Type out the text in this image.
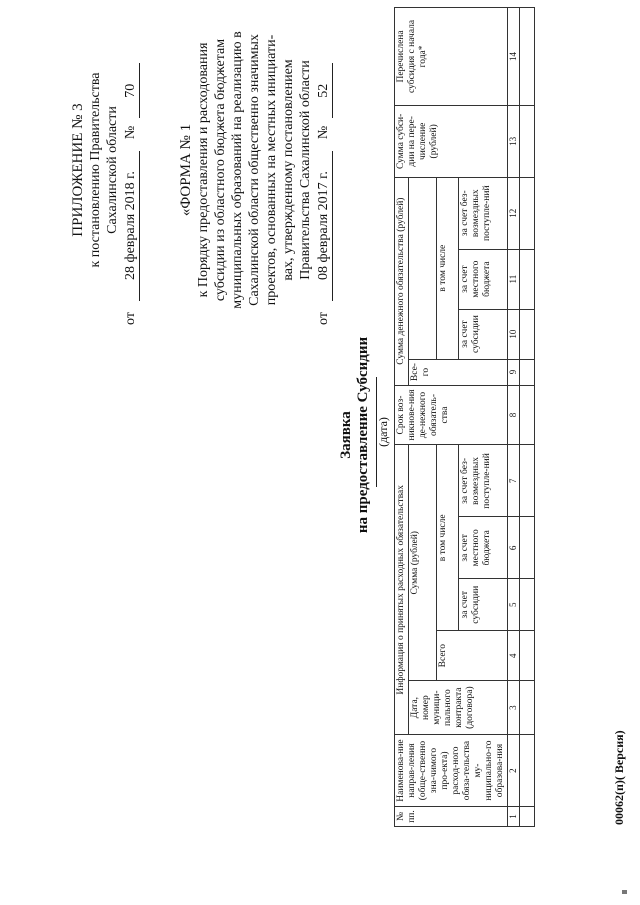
ПРИЛОЖЕНИЕ № 3 к постановлению Правительства Сахалинской области
от 28 февраля 2018 г. № 70
«ФОРМА № 1 к Порядку предоставления и расходования субсидии из областного бюджета бюджетам муниципальных образований на реализацию в Сахалинской области общественно значимых проектов, основанных на местных инициати- вах, утвержденному постановлением Правительства Сахалинской области
от 08 февраля 2017 г. № 52
Заявка на предоставление Субсидии (дата)
№ пп.	Наименова-ние направ-ления (обще-ственно зна-чимого про-екта) расход-ного обяза-тельства му-ниципально-го образова-ния	Информация о принятых расходных обязательствах					Срок воз-никнове-ния де-нежного обязатель-ства	Сумма денежного обязательства (рублей)				Сумма субси-дии на пере-числение (рублей)	Перечислена субсидия с начала года*
		Дата, номер муници-пального контракта (договора)	Сумма (рублей)					Все-го					
			Всего	в том числе					в том числе				
				за счет субсидии	за счет местного бюджета	за счет без-возмездных поступле-ний			за счет субсидии	за счет местного бюджета	за счет без-возмездных поступле-ний		
1	2	3	4	5	6	7	8	9	10	11	12	13	14

00062(п)( Версия)
